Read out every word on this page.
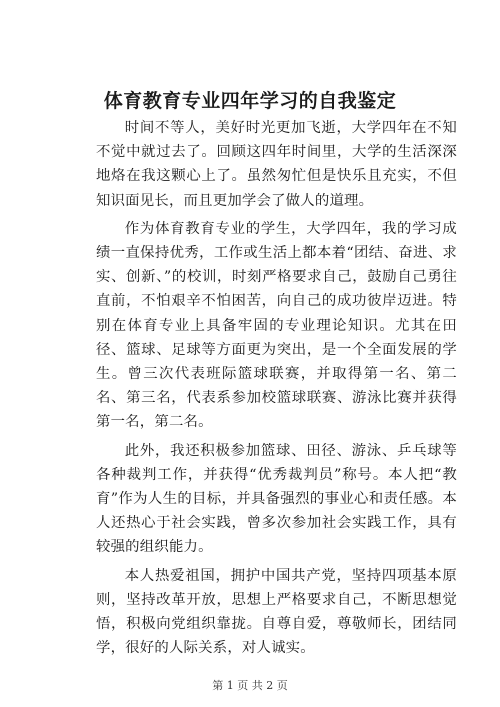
体育教育专业四年学习的自我鉴定

时间不等人，美好时光更加飞逝，大学四年在不知不觉中就过去了。回顾这四年时间里，大学的生活深深地烙在我这颗心上了。虽然匆忙但是快乐且充实，不但知识面见长，而且更加学会了做人的道理。

作为体育教育专业的学生，大学四年，我的学习成绩一直保持优秀，工作或生活上都本着“团结、奋进、求实、创新、”的校训，时刻严格要求自己，鼓励自己勇往直前，不怕艰辛不怕困苦，向自己的成功彼岸迈进。特别在体育专业上具备牢固的专业理论知识。尤其在田径、篮球、足球等方面更为突出，是一个全面发展的学生。曾三次代表班际篮球联赛，并取得第一名、第二名、第三名，代表系参加校篮球联赛、游泳比赛并获得第一名，第二名。

此外，我还积极参加篮球、田径、游泳、乒乓球等各种裁判工作，并获得“优秀裁判员”称号。本人把“教育”作为人生的目标，并具备强烈的事业心和责任感。本人还热心于社会实践，曾多次参加社会实践工作，具有较强的组织能力。

本人热爱祖国，拥护中国共产党，坚持四项基本原则，坚持改革开放，思想上严格要求自己，不断思想觉悟，积极向党组织靠拢。自尊自爱，尊敬师长，团结同学，很好的人际关系，对人诚实。

第 1 页 共 2 页
